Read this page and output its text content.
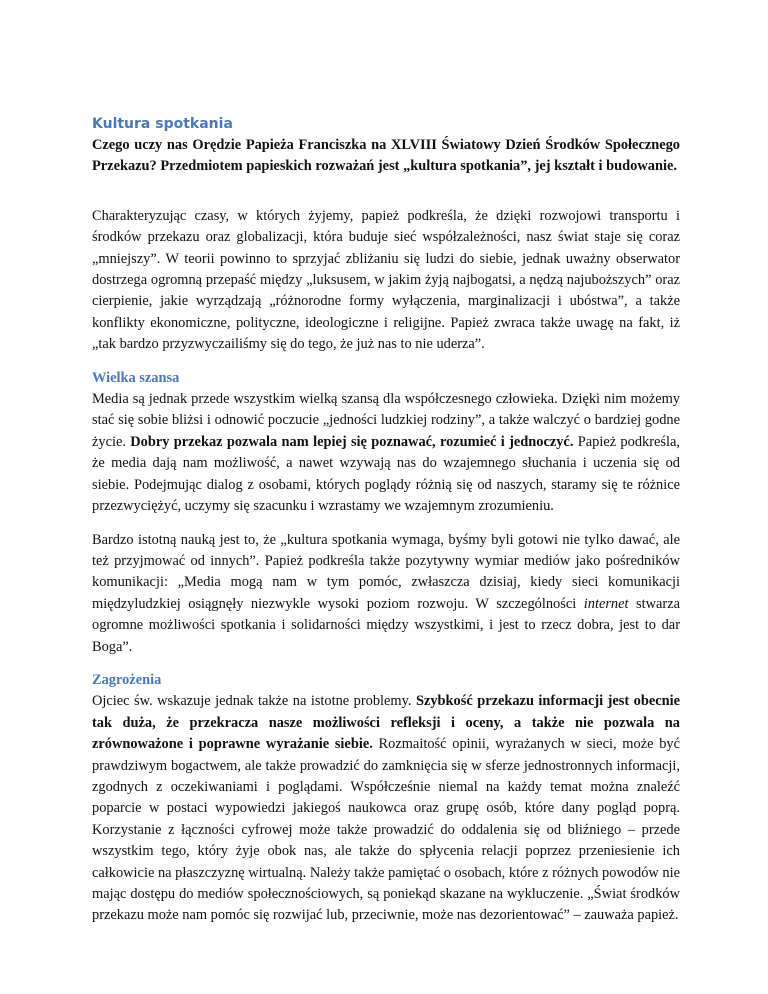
Kultura spotkania

Czego uczy nas Orędzie Papieża Franciszka na XLVIII Światowy Dzień Środków Społecznego Przekazu? Przedmiotem papieskich rozważań jest „kultura spotkania”, jej kształt i budowanie.

Charakteryzując czasy, w których żyjemy, papież podkreśla, że dzięki rozwojowi transportu i środków przekazu oraz globalizacji, która buduje sieć współzależności, nasz świat staje się coraz „mniejszy”. W teorii powinno to sprzyjać zbliżaniu się ludzi do siebie, jednak uważny obserwator dostrzega ogromną przepaść między „luksusem, w jakim żyją najbogatsi, a nędzą najuboższych” oraz cierpienie, jakie wyrządzają „różnorodne formy wyłączenia, marginalizacji i ubóstwa”, a także konflikty ekonomiczne, polityczne, ideologiczne i religijne. Papież zwraca także uwagę na fakt, iż „tak bardzo przyzwyczailiśmy się do tego, że już nas to nie uderza”.

Wielka szansa

Media są jednak przede wszystkim wielką szansą dla współczesnego człowieka. Dzięki nim możemy stać się sobie bliżsi i odnowić poczucie „jedności ludzkiej rodziny”, a także walczyć o bardziej godne życie. Dobry przekaz pozwala nam lepiej się poznawać, rozumieć i jednoczyć. Papież podkreśla, że media dają nam możliwość, a nawet wzywają nas do wzajemnego słuchania i uczenia się od siebie. Podejmując dialog z osobami, których poglądy różnią się od naszych, staramy się te różnice przezwyciężyć, uczymy się szacunku i wzrastamy we wzajemnym zrozumieniu.

Bardzo istotną nauką jest to, że „kultura spotkania wymaga, byśmy byli gotowi nie tylko dawać, ale też przyjmować od innych”. Papież podkreśla także pozytywny wymiar mediów jako pośredników komunikacji: „Media mogą nam w tym pomóc, zwłaszcza dzisiaj, kiedy sieci komunikacji międzyludzkiej osiągnęły niezwykle wysoki poziom rozwoju. W szczególności internet stwarza ogromne możliwości spotkania i solidarności między wszystkimi, i jest to rzecz dobra, jest to dar Boga”.

Zagrożenia

Ojciec św. wskazuje jednak także na istotne problemy. Szybkość przekazu informacji jest obecnie tak duża, że przekracza nasze możliwości refleksji i oceny, a także nie pozwala na zrównoważone i poprawne wyrażanie siebie. Rozmaitość opinii, wyrażanych w sieci, może być prawdziwym bogactwem, ale także prowadzić do zamknięcia się w sferze jednostronnych informacji, zgodnych z oczekiwaniami i poglądami. Współcześnie niemal na każdy temat można znaleźć poparcie w postaci wypowiedzi jakiegoś naukowca oraz grupę osób, które dany pogląd poprą. Korzystanie z łączności cyfrowej może także prowadzić do oddalenia się od bliźniego – przede wszystkim tego, który żyje obok nas, ale także do spłycenia relacji poprzez przeniesienie ich całkowicie na płaszczyznę wirtualną. Należy także pamiętać o osobach, które z różnych powodów nie mając dostępu do mediów społecznościowych, są poniekąd skazane na wykluczenie. „Świat środków przekazu może nam pomóc się rozwijać lub, przeciwnie, może nas dezorientować” – zauważa papież.
